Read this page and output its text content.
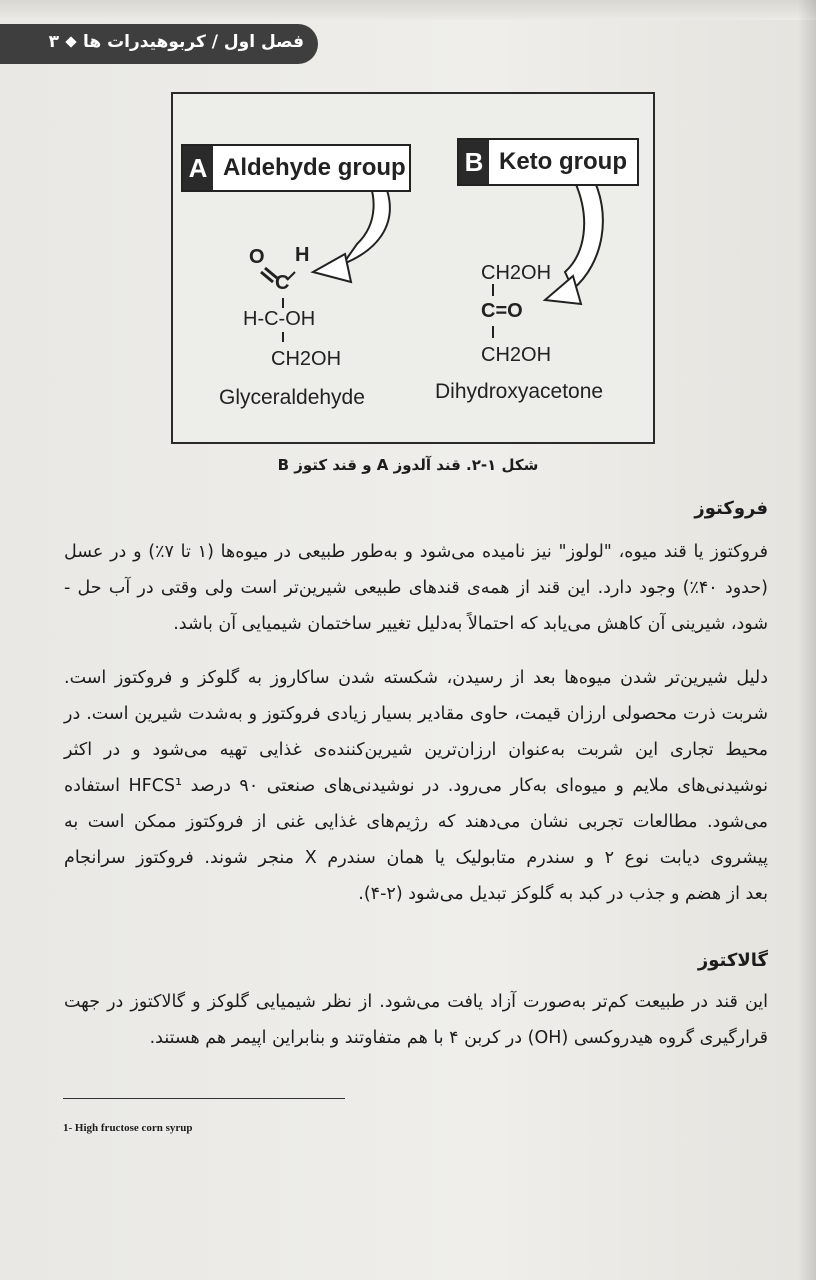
فصل اول / کربوهیدرات ها۳
A Aldehyde group B Keto group
O H
C
H-C-OH
CH2OH
Glyceraldehyde
CH2OH
C=O
CH2OH
Dihydroxyacetone
شکل ۱-۲. قند آلدوز A و قند کتوز B
فروکتوز
فروکتوز یا قند میوه، "لولوز" نیز نامیده می‌شود و به‌طور طبیعی در میوه‌ها (۱ تا ۷٪) و در عسل
(حدود ۴۰٪) وجود دارد. این قند از همه‌ی قندهای طبیعی شیرین‌تر است ولی وقتی در آب حل -
شود، شیرینی آن کاهش می‌یابد که احتمالاً به‌دلیل تغییر ساختمان شیمیایی آن باشد.
دلیل شیرین‌تر شدن میوه‌ها بعد از رسیدن، شکسته شدن ساکاروز به گلوکز و فروکتوز است.
شربت ذرت محصولی ارزان قیمت، حاوی مقادیر بسیار زیادی فروکتوز و به‌شدت شیرین است. در
محیط تجاری این شربت به‌عنوان ارزان‌ترین شیرین‌کننده‌ی غذایی تهیه می‌شود و در اکثر
نوشیدنی‌های ملایم و میوه‌ای به‌کار می‌رود. در نوشیدنی‌های صنعتی ۹۰ درصد HFCS¹ استفاده
می‌شود. مطالعات تجربی نشان می‌دهند که رژیم‌های غذایی غنی از فروکتوز ممکن است به
پیشروی دیابت نوع ۲ و سندرم متابولیک یا همان سندرم X منجر شوند. فروکتوز سرانجام
بعد از هضم و جذب در کبد به گلوکز تبدیل می‌شود (۲-۴).
گالاکتوز
این قند در طبیعت کم‌تر به‌صورت آزاد یافت می‌شود. از نظر شیمیایی گلوکز و گالاکتوز در جهت
قرارگیری گروه هیدروکسی (OH) در کربن ۴ با هم متفاوتند و بنابراین اپیمر هم هستند.
1- High fructose corn syrup
